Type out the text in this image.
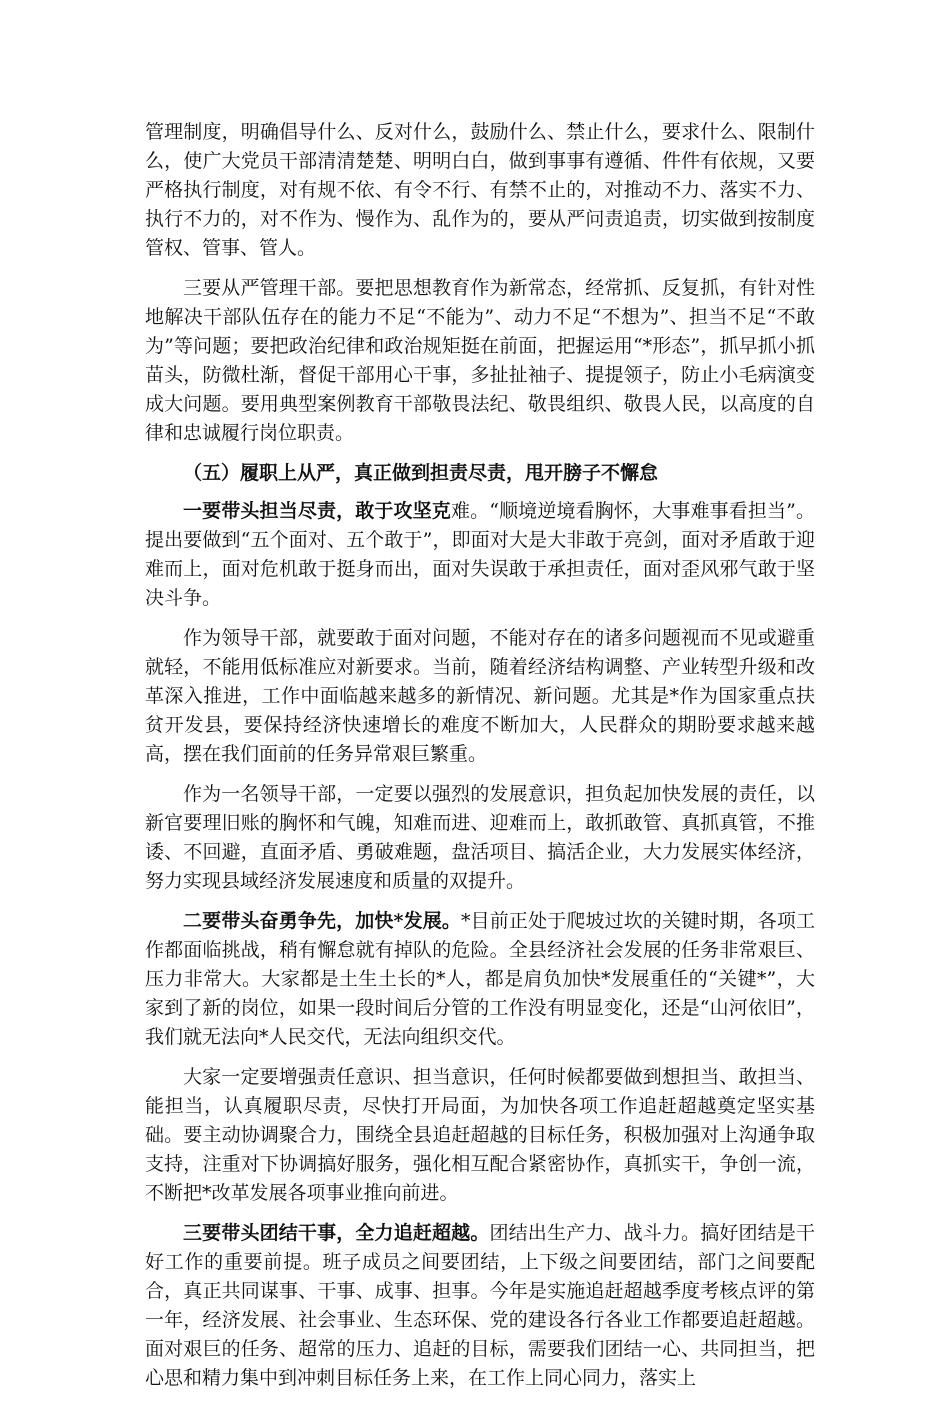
管理制度，明确倡导什么、反对什么，鼓励什么、禁止什么，要求什么、限制什么，使广大党员干部清清楚楚、明明白白，做到事事有遵循、件件有依规，又要严格执行制度，对有规不依、有令不行、有禁不止的，对推动不力、落实不力、执行不力的，对不作为、慢作为、乱作为的，要从严问责追责，切实做到按制度管权、管事、管人。

三要从严管理干部。要把思想教育作为新常态，经常抓、反复抓，有针对性地解决干部队伍存在的能力不足“不能为”、动力不足“不想为”、担当不足“不敢为”等问题；要把政治纪律和政治规矩挺在前面，把握运用“*形态”，抓早抓小抓苗头，防微杜渐，督促干部用心干事，多扯扯袖子、提提领子，防止小毛病演变成大问题。要用典型案例教育干部敬畏法纪、敬畏组织、敬畏人民，以高度的自律和忠诚履行岗位职责。

（五）履职上从严，真正做到担责尽责，甩开膀子不懈怠

一要带头担当尽责，敢于攻坚克难。“顺境逆境看胸怀，大事难事看担当”。提出要做到“五个面对、五个敢于”，即面对大是大非敢于亮剑，面对矛盾敢于迎难而上，面对危机敢于挺身而出，面对失误敢于承担责任，面对歪风邪气敢于坚决斗争。

作为领导干部，就要敢于面对问题，不能对存在的诸多问题视而不见或避重就轻，不能用低标准应对新要求。当前，随着经济结构调整、产业转型升级和改革深入推进，工作中面临越来越多的新情况、新问题。尤其是*作为国家重点扶贫开发县，要保持经济快速增长的难度不断加大，人民群众的期盼要求越来越高，摆在我们面前的任务异常艰巨繁重。

作为一名领导干部，一定要以强烈的发展意识，担负起加快发展的责任，以新官要理旧账的胸怀和气魄，知难而进、迎难而上，敢抓敢管、真抓真管，不推诿、不回避，直面矛盾、勇破难题，盘活项目、搞活企业，大力发展实体经济，努力实现县域经济发展速度和质量的双提升。

二要带头奋勇争先，加快*发展。*目前正处于爬坡过坎的关键时期，各项工作都面临挑战，稍有懈怠就有掉队的危险。全县经济社会发展的任务非常艰巨、压力非常大。大家都是土生土长的*人，都是肩负加快*发展重任的“关键*”，大家到了新的岗位，如果一段时间后分管的工作没有明显变化，还是“山河依旧”，我们就无法向*人民交代，无法向组织交代。

大家一定要增强责任意识、担当意识，任何时候都要做到想担当、敢担当、能担当，认真履职尽责，尽快打开局面，为加快各项工作追赶超越奠定坚实基础。要主动协调聚合力，围绕全县追赶超越的目标任务，积极加强对上沟通争取支持，注重对下协调搞好服务，强化相互配合紧密协作，真抓实干，争创一流，不断把*改革发展各项事业推向前进。

三要带头团结干事，全力追赶超越。团结出生产力、战斗力。搞好团结是干好工作的重要前提。班子成员之间要团结，上下级之间要团结，部门之间要配合，真正共同谋事、干事、成事、担事。今年是实施追赶超越季度考核点评的第一年，经济发展、社会事业、生态环保、党的建设各行各业工作都要追赶超越。面对艰巨的任务、超常的压力、追赶的目标，需要我们团结一心、共同担当，把心思和精力集中到冲刺目标任务上来，在工作上同心同力，落实上
